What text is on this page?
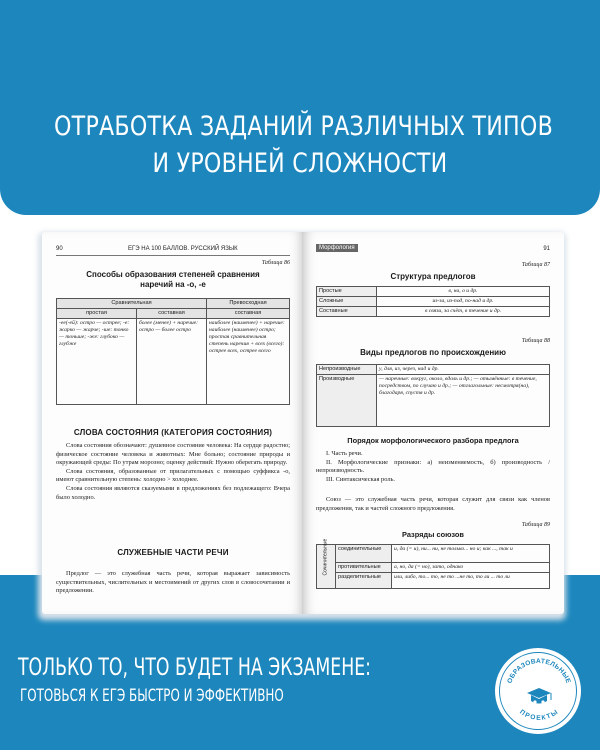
ОТРАБОТКА ЗАДАНИЙ РАЗЛИЧНЫХ ТИПОВ
И УРОВНЕЙ СЛОЖНОСТИ
90	ЕГЭ НА 100 БАЛЛОВ. РУССКИЙ ЯЗЫК
Таблица 86
Способы образования степеней сравнения наречий на -о, -е
Сравнительная		Превосходная
простая	составная	составная
-ее(-ей): остро — острее; -е: жарко — жарче; -ше: тонко — тоньше; -же: глубоко — глубже	более (менее) + наречие: остро — более остро	наиболее (наименее) + наречие: наиболее (наименее) остро; простая сравнительная степень наречия + всех (всего): острее всех, острее всего
СЛОВА СОСТОЯНИЯ (КАТЕГОРИЯ СОСТОЯНИЯ)

Слова состояния обозначают: душевное состояние человека: На сердце радостно; физическое состояние человека и животных: Мне больно; состояние природы и окружающей среды: По утрам морозно; оценку действий: Нужно оберегать природу.

Слова состояния, образованные от прилагательных с помощью суффикса -о, имеют сравнительную степень: холодно > холоднее.

Слова состояния являются сказуемыми в предложениях без подлежащего: Вчера было холодно.

СЛУЖЕБНЫЕ ЧАСТИ РЕЧИ

Предлог — это служебная часть речи, которая выражает зависимость существительных, числительных и местоимений от других слов в словосочетании и предложении.

Морфология	91
Таблица 87
Структура предлогов
Простые	в, на, о и др.
Сложные	из-за, из-под, по-над и др.
Составные	в связи, за счёт, в течение и др.
Таблица 88
Виды предлогов по происхождению
Непроизводные	у, для, из, через, над и др.
Производные	— наречные: вокруг, около, вдоль и др.; — отымённые: в течение, посредством, по случаю и др.; — отглагольные: несмотря(на), благодаря, спустя и др.
Порядок морфологического разбора предлога

I. Часть речи.

II. Морфологические признаки: а) неизменяемость, б) производность / непроизводность.

III. Синтаксическая роль.

Союз — это служебная часть речи, которая служит для связи как членов предложения, так и частей сложного предложения.

Таблица 89
Разряды союзов
Сочинительные	соединительные	и, да (= и), ни... ни, не только... но и; как ..., так и
	противительные	а, но, да (= но), зато, однако
	разделительные	или, либо, то... то, не то ...не то, то ли ... то ли
ТОЛЬКО ТО, ЧТО БУДЕТ НА ЭКЗАМЕНЕ:
ГОТОВЬСЯ К ЕГЭ БЫСТРО И ЭФФЕКТИВНО
ОБРАЗОВАТЕЛЬНЫЕ
ПРОЕКТЫ
